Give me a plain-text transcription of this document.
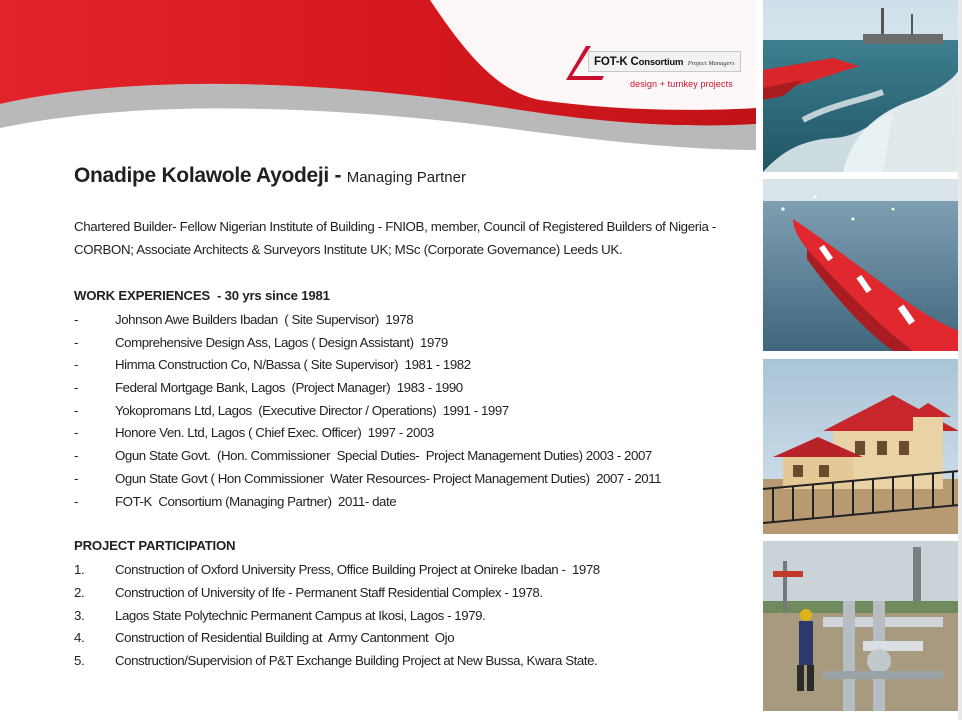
FOT-K Consortium Project Managers
design + turnkey projects
Onadipe Kolawole Ayodeji - Managing Partner

Chartered Builder- Fellow Nigerian Institute of Building - FNIOB, member, Council of Registered Builders of Nigeria -CORBON; Associate Architects & Surveyors Institute UK; MSc (Corporate Governance) Leeds UK.

WORK EXPERIENCES  - 30 yrs since 1981
-	Johnson Awe Builders Ibadan  ( Site Supervisor)  1978
-	Comprehensive Design Ass, Lagos ( Design Assistant)  1979
-	Himma Construction Co, N/Bassa ( Site Supervisor)  1981 - 1982
-	Federal Mortgage Bank, Lagos  (Project Manager)  1983 - 1990
-	Yokopromans Ltd, Lagos  (Executive Director / Operations)  1991 - 1997
-	Honore Ven. Ltd, Lagos ( Chief Exec. Officer)  1997 - 2003
-	Ogun State Govt.  (Hon. Commissioner  Special Duties-  Project Management Duties) 2003 - 2007
-	Ogun State Govt ( Hon Commissioner  Water Resources- Project Management Duties)  2007 - 2011
-	FOT-K  Consortium (Managing Partner)  2011- date
PROJECT PARTICIPATION
1. Construction of Oxford University Press, Office Building Project at Onireke Ibadan -  1978
2. Construction of University of Ife - Permanent Staff Residential Complex - 1978.
3. Lagos State Polytechnic Permanent Campus at Ikosi, Lagos - 1979.
4. Construction of Residential Building at  Army Cantonment  Ojo
5. Construction/Supervision of P&T Exchange Building Project at New Bussa, Kwara State.
